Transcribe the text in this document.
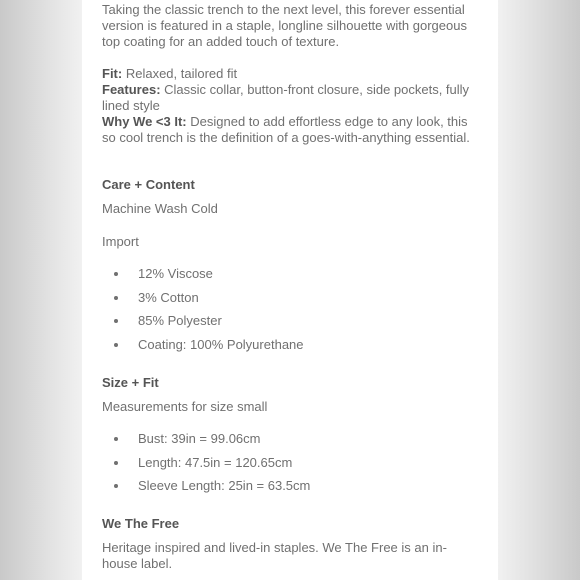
Taking the classic trench to the next level, this forever essential version is featured in a staple, longline silhouette with gorgeous top coating for an added touch of texture.

Fit: Relaxed, tailored fit

Features: Classic collar, button-front closure, side pockets, fully lined style

Why We <3 It: Designed to add effortless edge to any look, this so cool trench is the definition of a goes-with-anything essential.

Care + Content

Machine Wash Cold

Import

12% Viscose
3% Cotton
85% Polyester
Coating: 100% Polyurethane

Size + Fit

Measurements for size small

Bust: 39in = 99.06cm
Length: 47.5in = 120.65cm
Sleeve Length: 25in = 63.5cm

We The Free

Heritage inspired and lived-in staples. We The Free is an in-house label.
